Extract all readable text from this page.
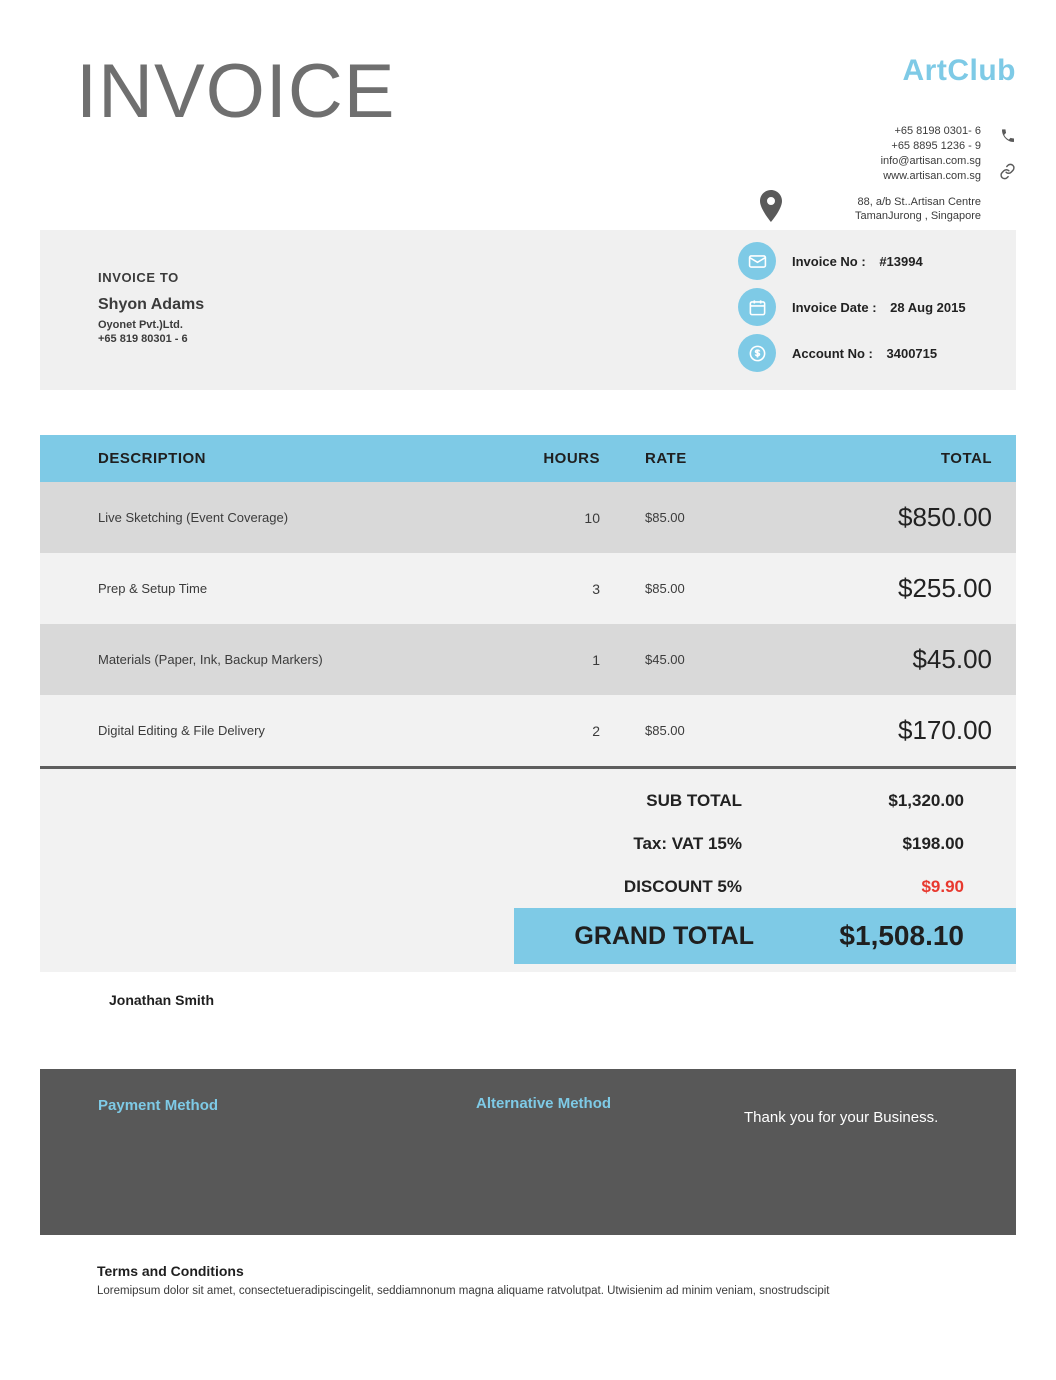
INVOICE	ArtClub
+65 8198 0301- 6
+65 8895 1236 - 9
info@artisan.com.sg
www.artisan.com.sg
88, a/b St..Artisan Centre
TamanJurong , Singapore
INVOICE TO
Shyon Adams
Oyonet Pvt.)Ltd.
+65 819 80301 - 6
Invoice No : #13994
Invoice Date : 28 Aug 2015
Account No : 3400715
DESCRIPTION	HOURS	RATE	TOTAL
Live Sketching (Event Coverage)	10	$85.00	$850.00
Prep & Setup Time	3	$85.00	$255.00
Materials (Paper, Ink, Backup Markers)	1	$45.00	$45.00
Digital Editing & File Delivery	2	$85.00	$170.00
SUB TOTAL	$1,320.00
Tax: VAT 15%	$198.00
DISCOUNT 5%	$9.90
GRAND TOTAL	$1,508.10
Jonathan Smith
Payment Method	Alternative Method
Thank you for your Business.
Terms and Conditions
Loremipsum dolor sit amet, consectetueradipiscingelit, seddiamnonum magna aliquame ratvolutpat. Utwisienim ad minim veniam, snostrudscipit
